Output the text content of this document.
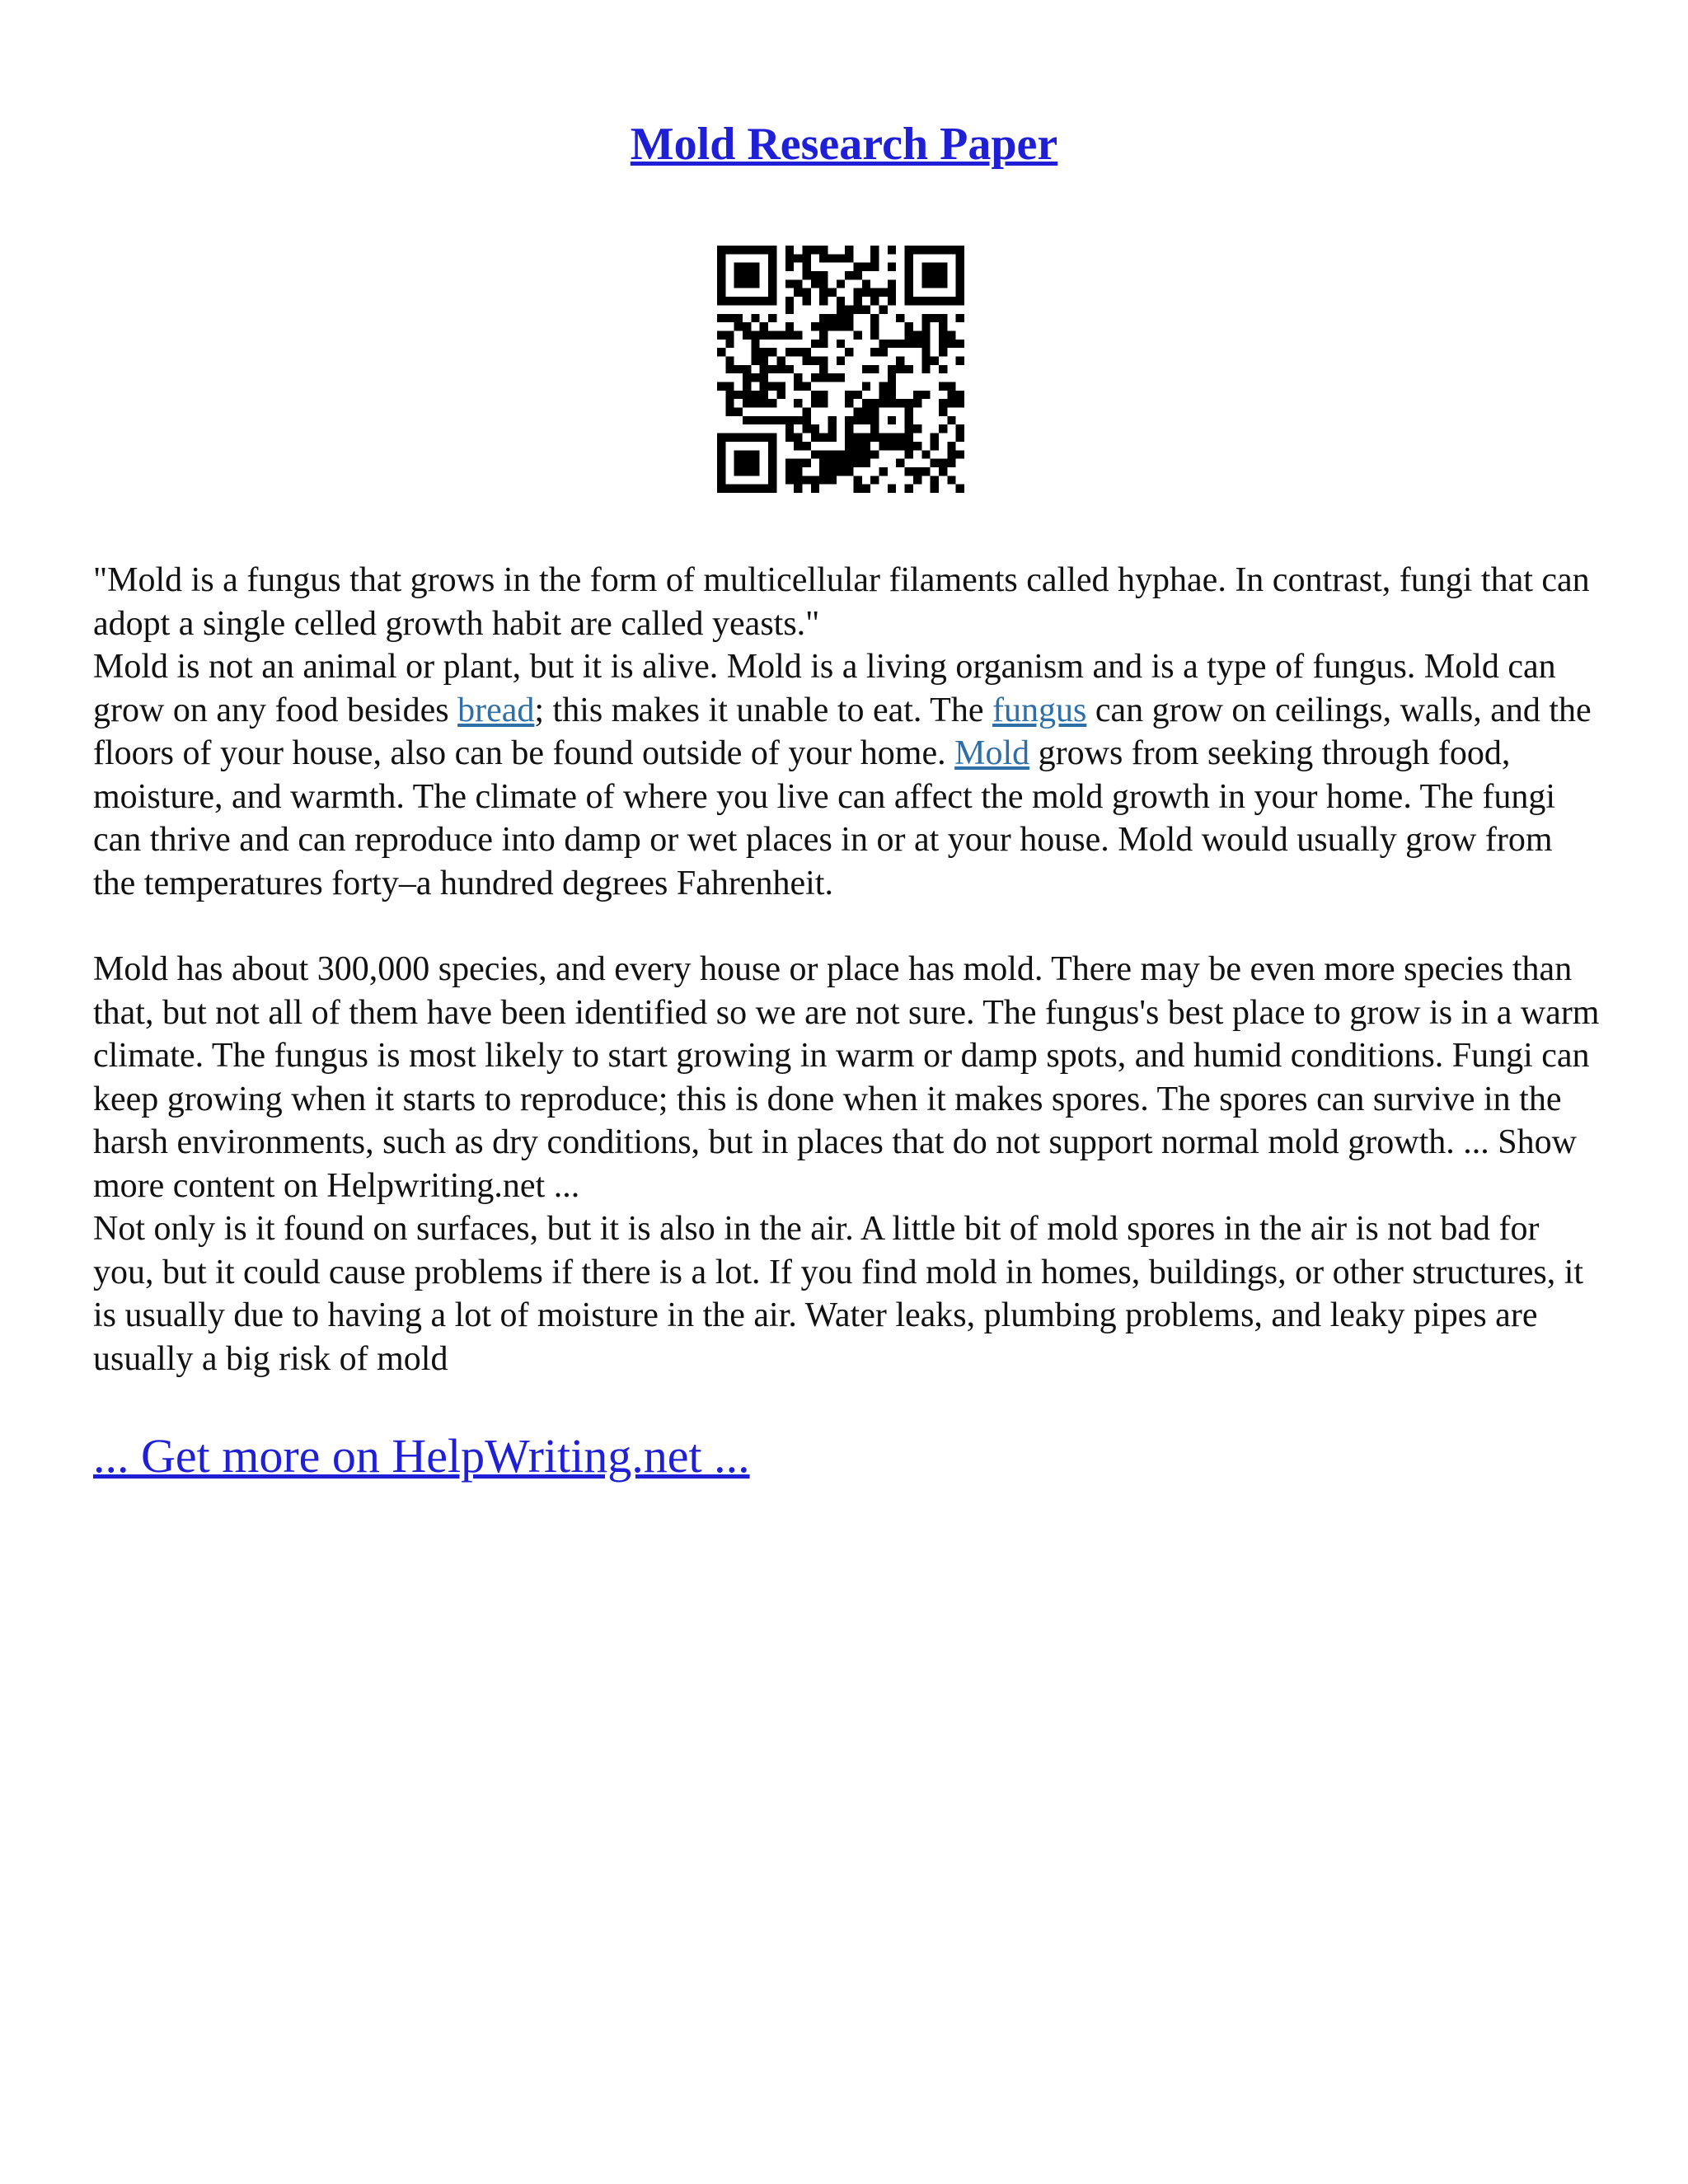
Mold Research Paper

"Mold is a fungus that grows in the form of multicellular filaments called hyphae. In contrast, fungi that can adopt a single celled growth habit are called yeasts."

Mold is not an animal or plant, but it is alive. Mold is a living organism and is a type of fungus. Mold can grow on any food besides bread; this makes it unable to eat. The fungus can grow on ceilings, walls, and the floors of your house, also can be found outside of your home. Mold grows from seeking through food, moisture, and warmth. The climate of where you live can affect the mold growth in your home. The fungi can thrive and can reproduce into damp or wet places in or at your house. Mold would usually grow from the temperatures forty–a hundred degrees Fahrenheit.

Mold has about 300,000 species, and every house or place has mold. There may be even more species than that, but not all of them have been identified so we are not sure. The fungus's best place to grow is in a warm climate. The fungus is most likely to start growing in warm or damp spots, and humid conditions. Fungi can keep growing when it starts to reproduce; this is done when it makes spores. The spores can survive in the harsh environments, such as dry conditions, but in places that do not support normal mold growth. ... Show more content on Helpwriting.net ...

Not only is it found on surfaces, but it is also in the air. A little bit of mold spores in the air is not bad for you, but it could cause problems if there is a lot. If you find mold in homes, buildings, or other structures, it is usually due to having a lot of moisture in the air. Water leaks, plumbing problems, and leaky pipes are usually a big risk of mold

... Get more on HelpWriting.net ...
